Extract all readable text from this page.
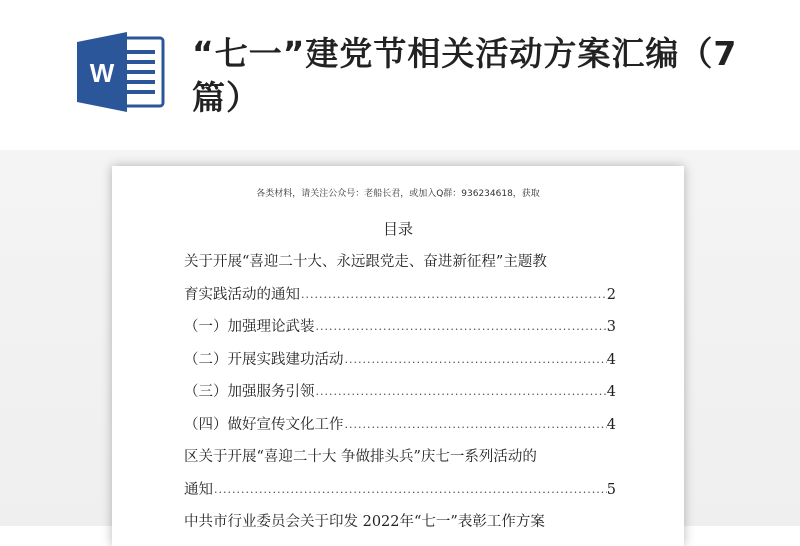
W “七一”建党节相关活动方案汇编（7篇）
各类材料，请关注公众号：老船长君，或加入Q群：936234618，获取
目录
关于开展“喜迎二十大、永远跟党走、奋进新征程”主题教
育实践活动的通知 .....	2
（一）加强理论武装 .....	3
（二）开展实践建功活动 .....	4
（三）加强服务引领 .....	4
（四）做好宣传文化工作 .....	4
区关于开展“喜迎二十大 争做排头兵”庆七一系列活动的
通知 .....	5
中共市行业委员会关于印发 2022年“七一”表彰工作方案
